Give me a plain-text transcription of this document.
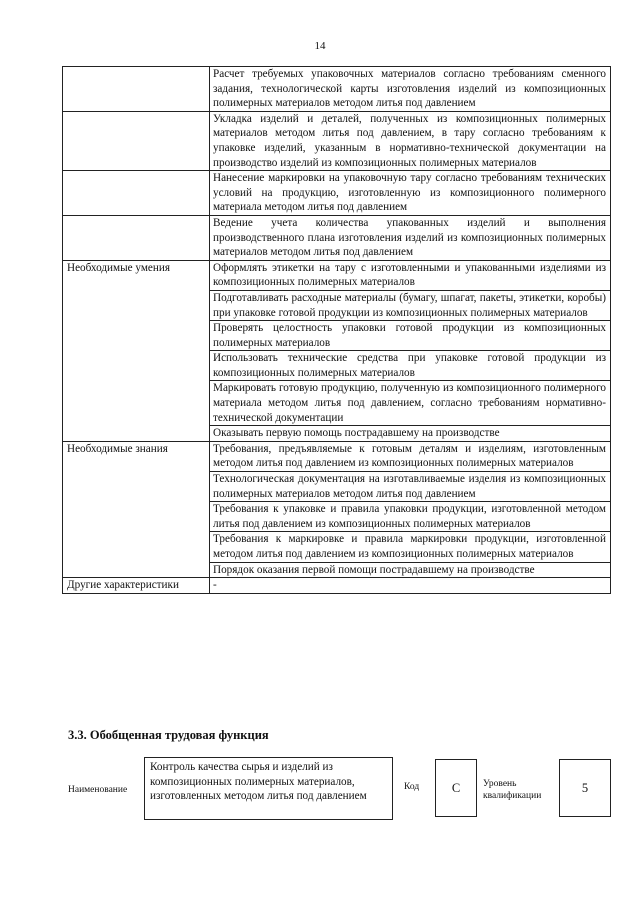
14
	Расчет требуемых упаковочных материалов согласно требованиям сменного задания, технологической карты изготовления изделий из композиционных полимерных материалов методом литья под давлением
	Укладка изделий и деталей, полученных из композиционных полимерных материалов методом литья под давлением, в тару согласно требованиям к упаковке изделий, указанным в нормативно-технической документации на производство изделий из композиционных полимерных материалов
	Нанесение маркировки на упаковочную тару согласно требованиям технических условий на продукцию, изготовленную из композиционного полимерного материала методом литья под давлением
	Ведение учета количества упакованных изделий и выполнения производственного плана изготовления изделий из композиционных полимерных материалов методом литья под давлением
Необходимые умения	Оформлять этикетки на тару с изготовленными и упакованными изделиями из композиционных полимерных материалов
	Подготавливать расходные материалы (бумагу, шпагат, пакеты, этикетки, коробы) при упаковке готовой продукции из композиционных полимерных материалов
	Проверять целостность упаковки готовой продукции из композиционных полимерных материалов
	Использовать технические средства при упаковке готовой продукции из композиционных полимерных материалов
	Маркировать готовую продукцию, полученную из композиционного полимерного материала методом литья под давлением, согласно требованиям нормативно-технической документации
	Оказывать первую помощь пострадавшему на производстве
Необходимые знания	Требования, предъявляемые к готовым деталям и изделиям, изготовленным методом литья под давлением из композиционных полимерных материалов
	Технологическая документация на изготавливаемые изделия из композиционных полимерных материалов методом литья под давлением
	Требования к упаковке и правила упаковки продукции, изготовленной методом литья под давлением из композиционных полимерных материалов
	Требования к маркировке и правила маркировки продукции, изготовленной методом литья под давлением из композиционных полимерных материалов
	Порядок оказания первой помощи пострадавшему на производстве
Другие характеристики	-
3.3. Обобщенная трудовая функция
Наименование
Контроль качества сырья и изделий из композиционных полимерных материалов, изготовленных методом литья под давлением
Код	C	Уровень квалификации
5
